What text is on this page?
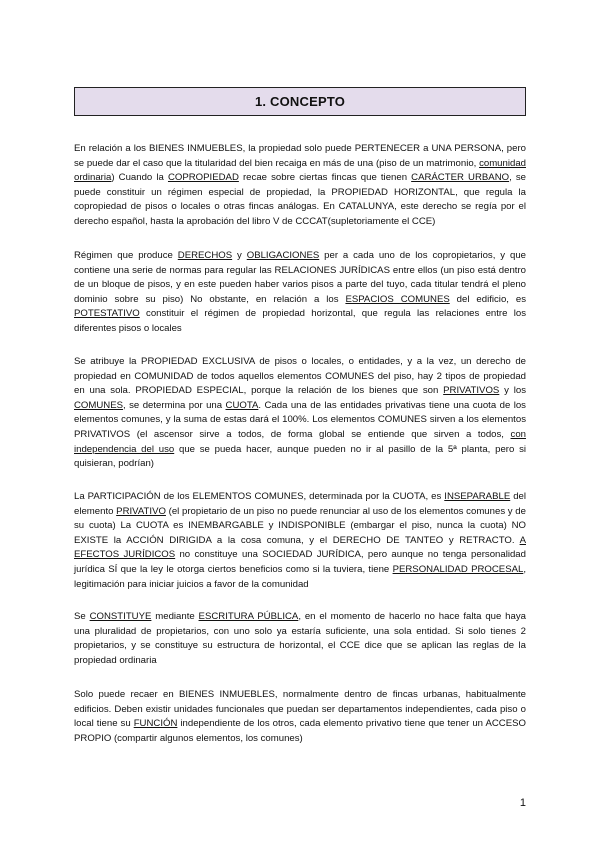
1. CONCEPTO

En relación a los BIENES INMUEBLES, la propiedad solo puede PERTENECER a UNA PERSONA, pero se puede dar el caso que la titularidad del bien recaiga en más de una (piso de un matrimonio, comunidad ordinaria) Cuando la COPROPIEDAD recae sobre ciertas fincas que tienen CARÁCTER URBANO, se puede constituir un régimen especial de propiedad, la PROPIEDAD HORIZONTAL, que regula la copropiedad de pisos o locales o otras fincas análogas. En CATALUNYA, este derecho se regía por el derecho español, hasta la aprobación del libro V de CCCAT(supletoriamente el CCE)

Régimen que produce DERECHOS y OBLIGACIONES per a cada uno de los copropietarios, y que contiene una serie de normas para regular las RELACIONES JURÍDICAS entre ellos (un piso está dentro de un bloque de pisos, y en este pueden haber varios pisos a parte del tuyo, cada titular tendrá el pleno dominio sobre su piso) No obstante, en relación a los ESPACIOS COMUNES del edificio, es POTESTATIVO constituir el régimen de propiedad horizontal, que regula las relaciones entre los diferentes pisos o locales

Se atribuye la PROPIEDAD EXCLUSIVA de pisos o locales, o entidades, y a la vez, un derecho de propiedad en COMUNIDAD de todos aquellos elementos COMUNES del piso, hay 2 tipos de propiedad en una sola. PROPIEDAD ESPECIAL, porque la relación de los bienes que son PRIVATIVOS y los COMUNES, se determina por una CUOTA. Cada una de las entidades privativas tiene una cuota de los elementos comunes, y la suma de estas dará el 100%. Los elementos COMUNES sirven a los elementos PRIVATIVOS (el ascensor sirve a todos, de forma global se entiende que sirven a todos, con independencia del uso que se pueda hacer, aunque pueden no ir al pasillo de la 5ª planta, pero si quisieran, podrían)

La PARTICIPACIÓN de los ELEMENTOS COMUNES, determinada por la CUOTA, es INSEPARABLE del elemento PRIVATIVO (el propietario de un piso no puede renunciar al uso de los elementos comunes y de su cuota) La CUOTA es INEMBARGABLE y INDISPONIBLE (embargar el piso, nunca la cuota) NO EXISTE la ACCIÓN DIRIGIDA a la cosa comuna, y el DERECHO DE TANTEO y RETRACTO. A EFECTOS JURÍDICOS no constituye una SOCIEDAD JURÍDICA, pero aunque no tenga personalidad jurídica SÍ que la ley le otorga ciertos beneficios como si la tuviera, tiene PERSONALIDAD PROCESAL, legitimación para iniciar juicios a favor de la comunidad

Se CONSTITUYE mediante ESCRITURA PÚBLICA, en el momento de hacerlo no hace falta que haya una pluralidad de propietarios, con uno solo ya estaría suficiente, una sola entidad. Si solo tienes 2 propietarios, y se constituye su estructura de horizontal, el CCE dice que se aplican las reglas de la propiedad ordinaria

Solo puede recaer en BIENES INMUEBLES, normalmente dentro de fincas urbanas, habitualmente edificios. Deben existir unidades funcionales que puedan ser departamentos independientes, cada piso o local tiene su FUNCIÓN independiente de los otros, cada elemento privativo tiene que tener un ACCESO PROPIO (compartir algunos elementos, los comunes)

1
